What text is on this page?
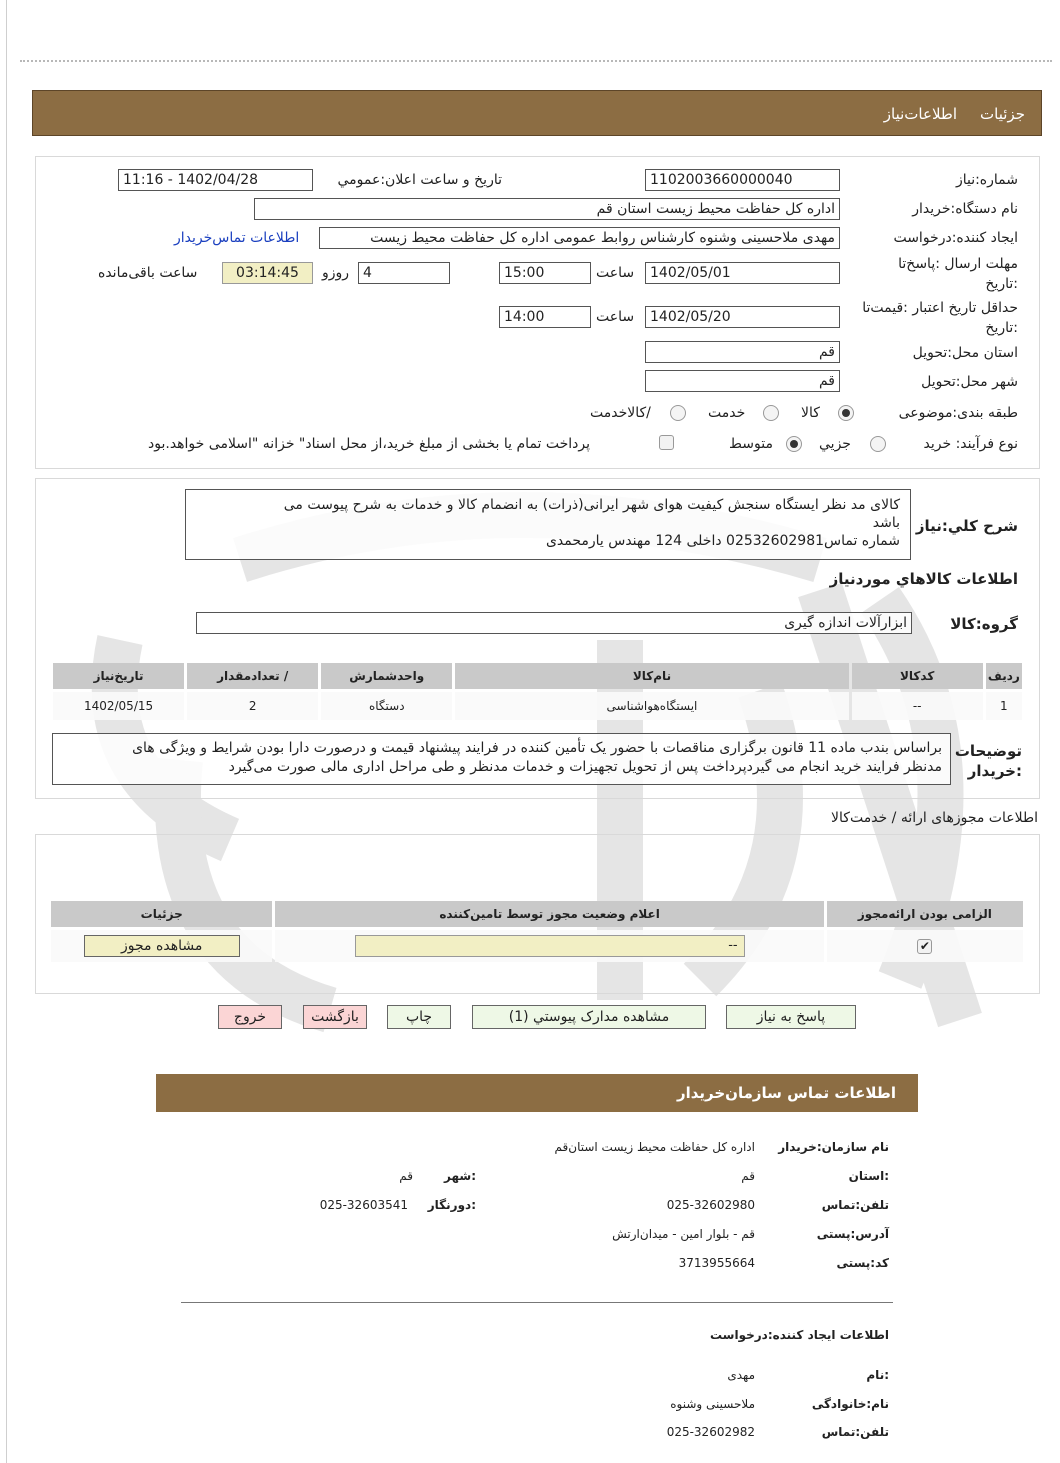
اطلاعات‌نیاز جزئیات
شماره:نیاز
1102003660000040
تاریخ و ساعت اعلان:عمومي
1402/04/28 - 11:16
نام دستگاه:خریدار
اداره کل حفاظت محیط زیست استان قم
ایجاد کننده:درخواست
مهدی ملاحسینی وشنوه کارشناس روابط عمومی اداره کل حفاظت محیط زیست
اطلاعات تماس‌خریدار
مهلت ارسال :پاسخ‌تا
:تاریخ
1402/05/01
ساعت
15:00
4
روزو
03:14:45
ساعت باقی‌مانده
حداقل تاریخ اعتبار :قیمت‌تا
:تاریخ
1402/05/20
ساعت
14:00
استان محل:تحویل
قم
شهر محل:تحویل
قم
طبقه بندی:موضوعی
کالا
خدمت
/کالاخدمت
نوع فرآیند: خرید
جزیي
متوسط
پرداخت تمام یا بخشی از مبلغ خرید،از محل اسناد" خزانه "اسلامی خواهد.بود
شرح کلي:نياز
کالای مد نظر ایستگاه سنجش کیفیت هوای شهر ایرانی(ذرات) به انضمام کالا و خدمات به شرح پیوست می
باشد
شماره تماس02532602981 داخلی 124 مهندس یارمحمدی
اطلاعات کالاهاي موردنياز
گروه:کالا
ابزارآلات اندازه گیری
ردیف	کدکالا	نام‌کالا	واحدشمارش	/ تعدادمقدار	تاریخ‌نیاز
1	--	ایستگاه‌هواشناسی	دستگاه	2	1402/05/15
توضیحات
:خریدار
براساس بندب ماده 11 قانون برگزاری مناقصات با حضور یک تأمین کننده در فرایند پیشنهاد قیمت و درصورت دارا بودن شرایط و ویژگی های
مدنظر فرایند خرید انجام می گیردپرداخت پس از تحویل تجهیزات و خدمات مدنظر و طی مراحل اداری مالی صورت می‌گیرد
اطلاعات مجوزهای ارائه / خدمت‌کالا
الزامی بودن ارائه‌مجوز	اعلام وضعیت مجوز توسط تامین‌کننده	جزئیات
✔	--	مشاهده مجوز
پاسخ به نیاز
مشاهده مدارک پیوستي (1)
چاپ
بازگشت
خروج
اطلاعات تماس سازمان‌خریدار
نام سازمان:خریدار
اداره کل حفاظت محیط زیست استان‌قم
:استان
قم
:شهر
قم
تلفن:تماس
025-32602980
:دورنگار
025-32603541
آدرس:پستی
قم - بلوار امین - میدان‌ارتش
کد:پستی
3713955664
اطلاعات ایجاد کننده:درخواست
:نام
مهدی
نام:خانوادگی
ملاحسینی وشنوه
تلفن:تماس
025-32602982
